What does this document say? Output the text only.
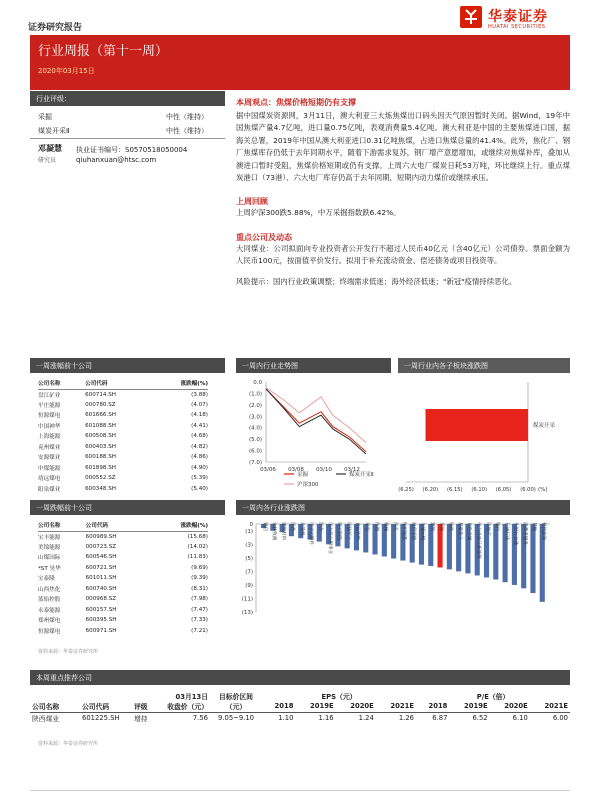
证券研究报告
华泰证券
HUATAI SECURITIES
行业周报（第十一周）
2020年03月15日
行业评级：
采掘	中性（维持）
煤炭开采Ⅱ	中性（维持）
邓凝慧
研究员
执业证书编号：S0570518050004
qiuhanxuan@htsc.com
本周观点：焦煤价格短期仍有支撑
据中国煤炭资源网，3月11日，澳大利亚三大炼焦煤出口码头因天气原因暂时关闭。据Wind，19年中国焦煤产量4.7亿吨，进口量0.75亿吨，表观消费量5.4亿吨。澳大利亚是中国的主要焦煤进口国，据海关总署，2019年中国从澳大利亚进口0.31亿吨焦煤，占进口焦煤总量的41.4%。此外，焦化厂、钢厂焦煤库存仍低于去年同期水平，随着下游需求复苏，钢厂增产意愿增加，或继续对焦煤补库，叠加从澳进口暂时受阻，焦煤价格短期或仍有支撑。上周六大电厂煤炭日耗53万吨，环比继续上行。重点煤炭港口（73港）、六大电厂库存仍高于去年同期，短期内动力煤价或继续承压。
上周回顾
上周沪深300跌5.88%，中万采掘指数跌6.42%。
重点公司及动态
大同煤业：公司拟面向专业投资者公开发行不超过人民币40亿元（含40亿元）公司债券。票面金额为人民币100元，按面值平价发行。拟用于补充流动资金、偿还债务或项目投资等。
风险提示：国内行业政策调整；终端需求低迷；海外经济低迷；"新冠"疫情持续恶化。
一周涨幅前十公司
公司名称	公司代码	涨跌幅(%)
盘江矿业	600714.SH	(3.88)
平庄能源	000780.SZ	(4.07)
恒源煤电	601666.SH	(4.18)
中国神华	601088.SH	(4.41)
上海能源	600508.SH	(4.68)
兖州煤业	600403.SH	(4.82)
安源煤业	600188.SH	(4.86)
中煤能源	601898.SH	(4.90)
靖远煤电	000552.SZ	(5.39)
阳泉煤业	600348.SH	(5.40)
一周跌幅前十公司
公司名称	公司代码	涨跌幅(%)
宝丰能源	600989.SH	(15.68)
美锦能源	000723.SZ	(14.02)
山煤国际	600546.SH	(11.83)
*ST 昊华	600721.SH	(9.69)
宝泰隆	601011.SH	(9.39)
山西焦化	600740.SH	(8.31)
蓝焰控股	000968.SZ	(7.98)
永泰能源	600157.SH	(7.47)
郑州煤电	600395.SH	(7.33)
恒源煤电	600971.SH	(7.21)
资料来源：华泰证券研究所
一周内行业走势图	一周行业内各子板块涨跌图
一周内各行业涨跌图
0.0
(1.0)
(2.0)
(3.0)
(4.0)
(5.0)
(6.0)
(7.0)
03/06 03/08 03/10 03/12
采掘
沪深300
煤炭开采Ⅱ
煤炭开采
(6.25) (6.20) (6.15) (6.10) (6.05) (6.00) (%)
0
(1)
(3)
(5)
(7)
(9)
(11)
(13)
通信 农林牧渔 建筑材料 医药 计算机 电子元器件 综合 电力及公用事业 轻工制造 国防军工 食品饮料 家电 传媒 机械 汽车 纺织服装 商贸零售 交通运输 建筑 采掘 钢铁 基础化工 有色金属 电力设备及新能源 房地产 银行 石油石化 非银行金融 消费者服务 其他 餐饮旅游
本周重点推荐公司
			03月13日	目标价区间	EPS（元）				P/E（倍）			
公司名称	公司代码	评级	收盘价（元）	（元）	2018	2019E	2020E	2021E	2018	2019E	2020E	2021E
陕西煤业	601225.SH	增持	7.56	9.05~9.10	1.10	1.16	1.24	1.26	6.87	6.52	6.10	6.00
资料来源：华泰证券研究所
